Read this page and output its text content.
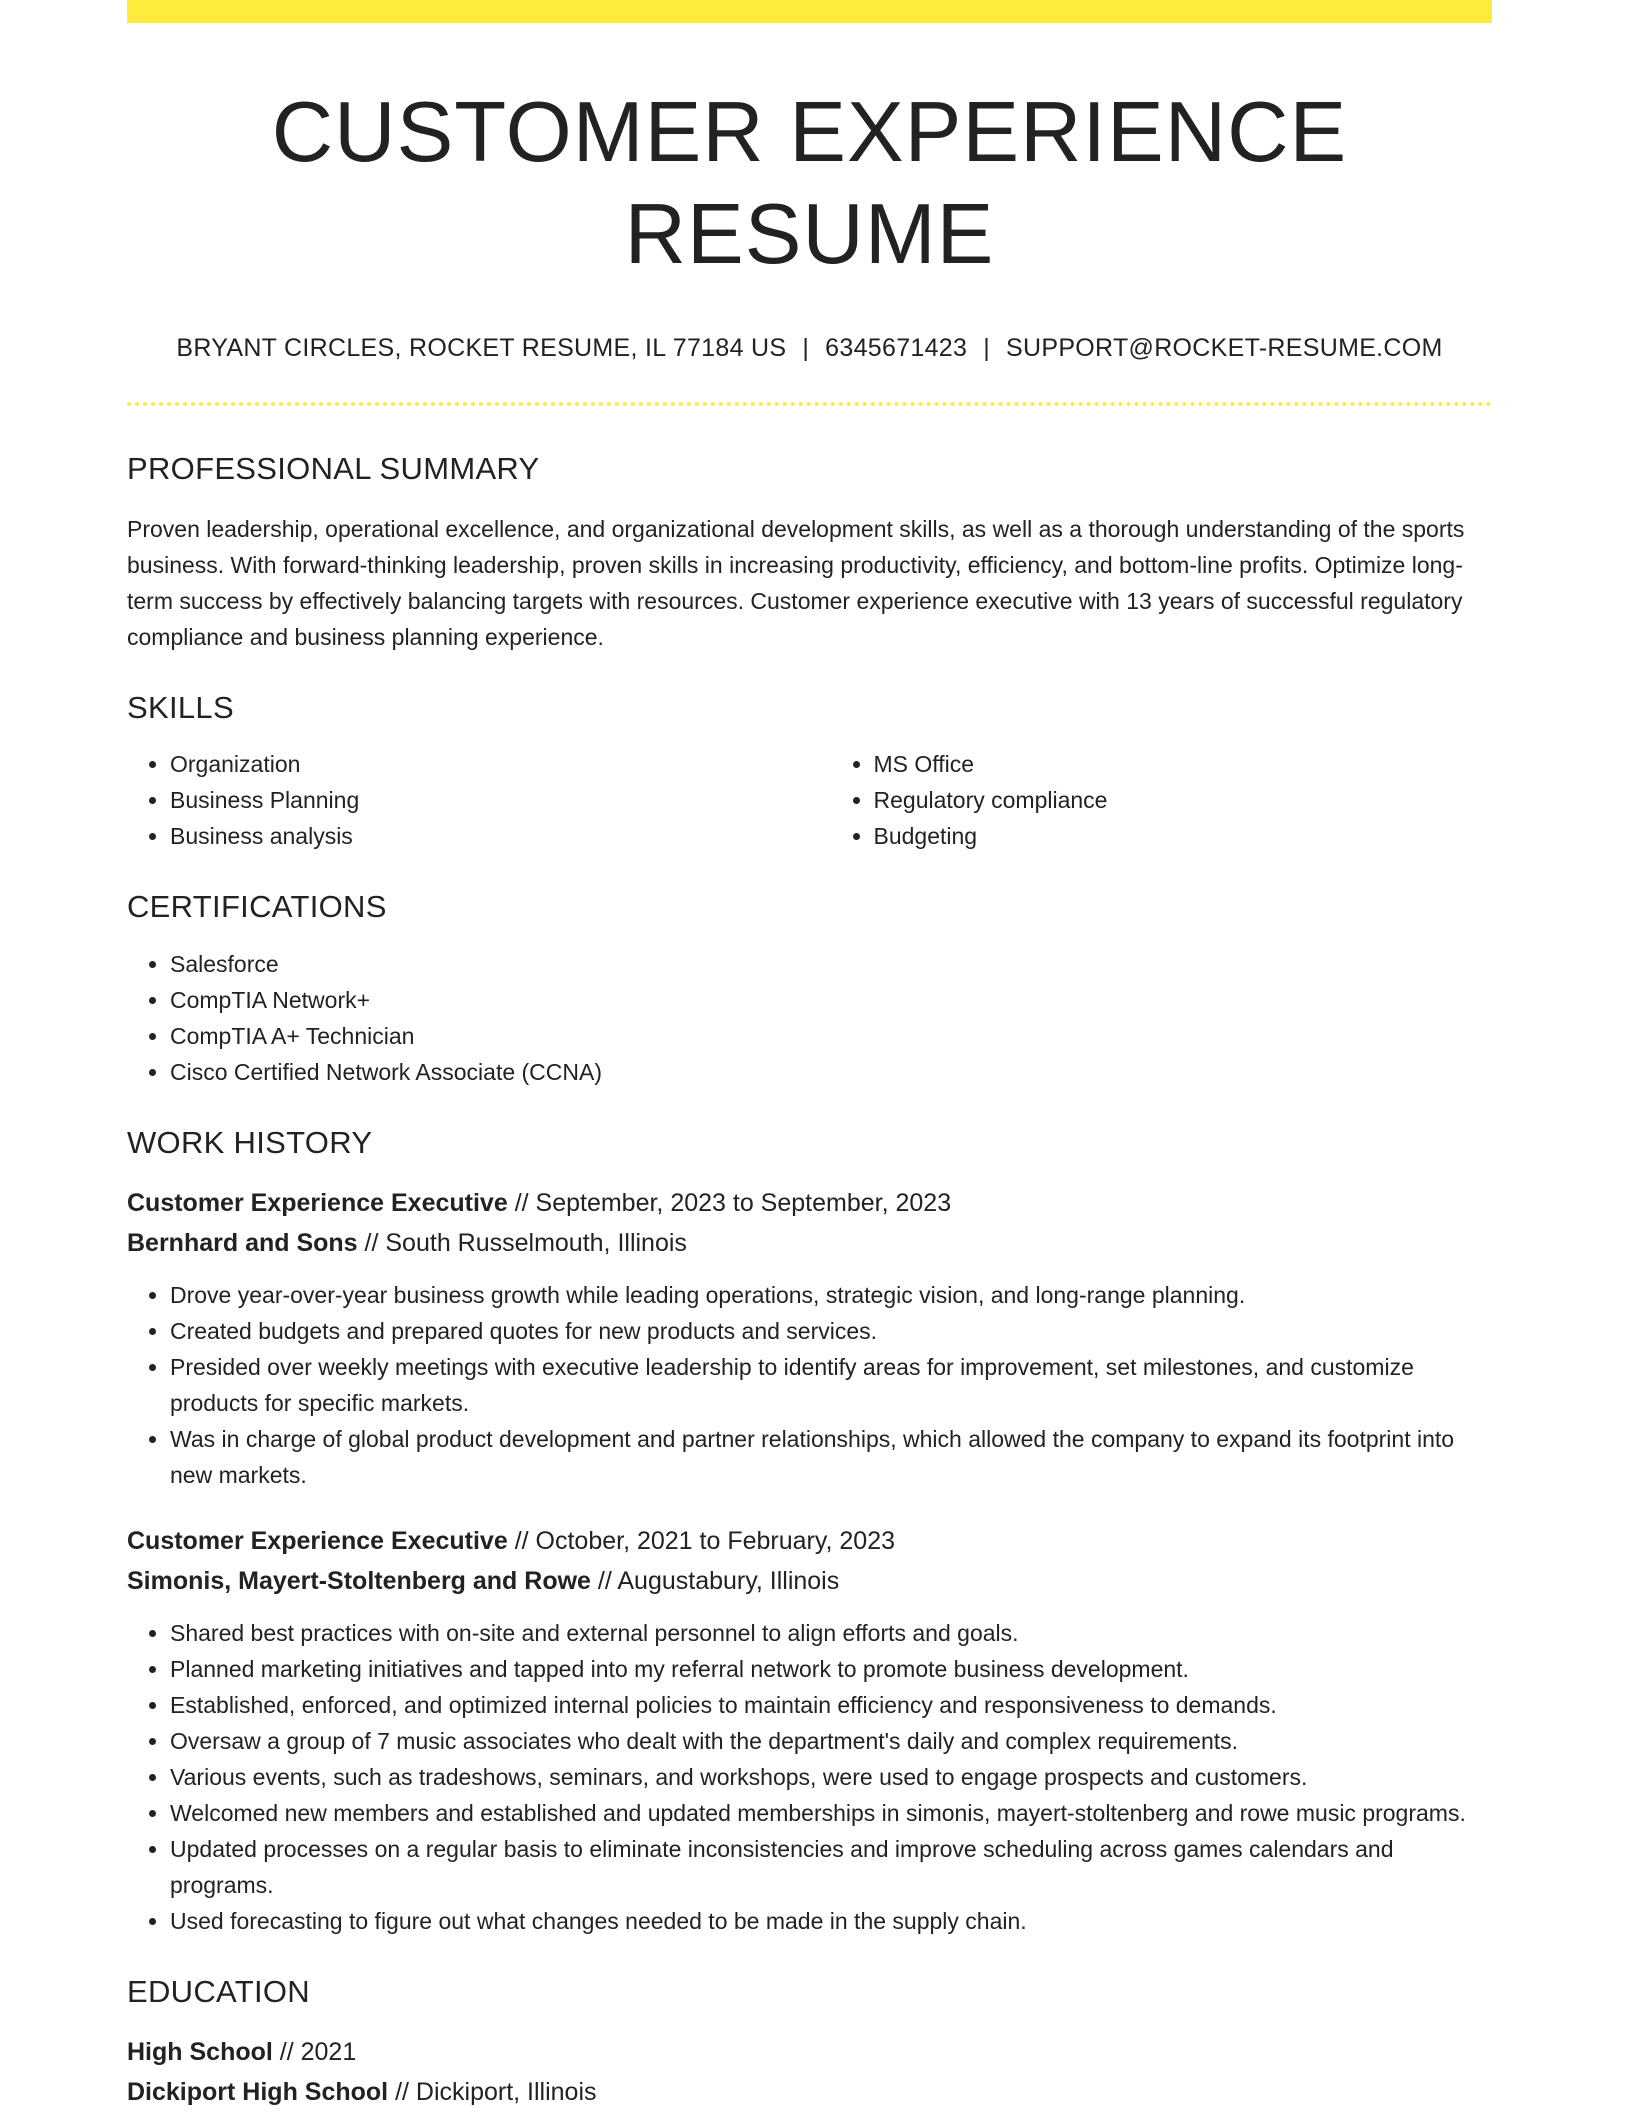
CUSTOMER EXPERIENCE RESUME
BRYANT CIRCLES, ROCKET RESUME, IL 77184 US | 6345671423 | SUPPORT@ROCKET-RESUME.COM
PROFESSIONAL SUMMARY

Proven leadership, operational excellence, and organizational development skills, as well as a thorough understanding of the sports business. With forward-thinking leadership, proven skills in increasing productivity, efficiency, and bottom-line profits. Optimize long-term success by effectively balancing targets with resources. Customer experience executive with 13 years of successful regulatory compliance and business planning experience.

SKILLS
• Organization
• Business Planning
• Business analysis
• MS Office
• Regulatory compliance
• Budgeting
CERTIFICATIONS
• Salesforce
• CompTIA Network+
• CompTIA A+ Technician
• Cisco Certified Network Associate (CCNA)
WORK HISTORY
Customer Experience Executive // September, 2023 to September, 2023
Bernhard and Sons // South Russelmouth, Illinois
• Drove year-over-year business growth while leading operations, strategic vision, and long-range planning.
• Created budgets and prepared quotes for new products and services.
• Presided over weekly meetings with executive leadership to identify areas for improvement, set milestones, and customize products for specific markets.
• Was in charge of global product development and partner relationships, which allowed the company to expand its footprint into new markets.
Customer Experience Executive // October, 2021 to February, 2023
Simonis, Mayert-Stoltenberg and Rowe // Augustabury, Illinois
• Shared best practices with on-site and external personnel to align efforts and goals.
• Planned marketing initiatives and tapped into my referral network to promote business development.
• Established, enforced, and optimized internal policies to maintain efficiency and responsiveness to demands.
• Oversaw a group of 7 music associates who dealt with the department's daily and complex requirements.
• Various events, such as tradeshows, seminars, and workshops, were used to engage prospects and customers.
• Welcomed new members and established and updated memberships in simonis, mayert-stoltenberg and rowe music programs.
• Updated processes on a regular basis to eliminate inconsistencies and improve scheduling across games calendars and programs.
• Used forecasting to figure out what changes needed to be made in the supply chain.
EDUCATION
High School // 2021
Dickiport High School // Dickiport, Illinois
